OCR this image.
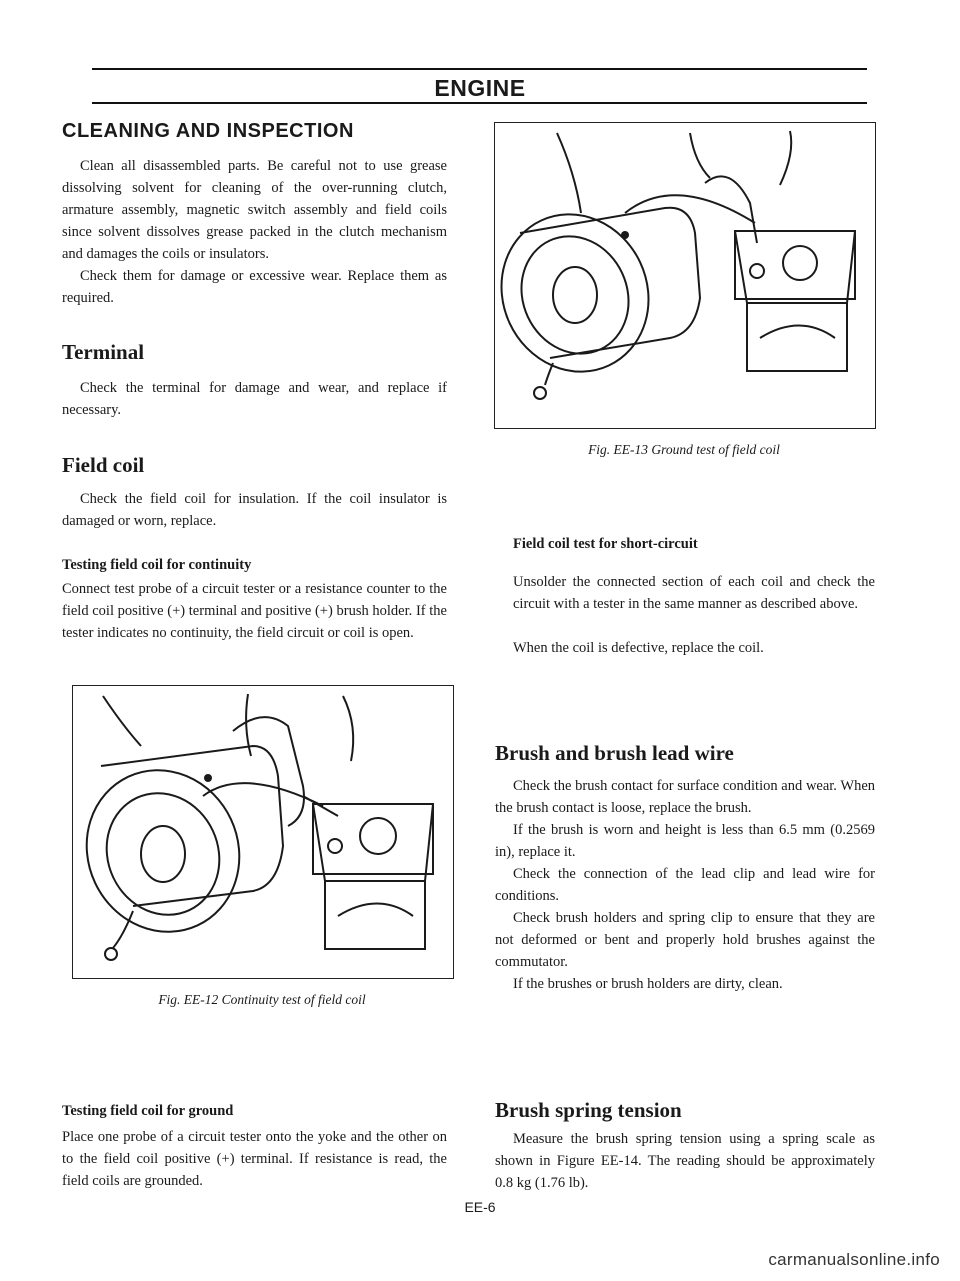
ENGINE
CLEANING AND INSPECTION
Clean all disassembled parts. Be careful not to use grease dissolving solvent for cleaning of the over-running clutch, armature assembly, magnetic switch assembly and field coils since solvent dissolves grease packed in the clutch mechanism and damages the coils or insulators.
Check them for damage or excessive wear. Replace them as required.
Terminal
Check the terminal for damage and wear, and replace if necessary.
Field coil
Check the field coil for insulation. If the coil insulator is damaged or worn, replace.
Testing field coil for continuity
Connect test probe of a circuit tester or a resistance counter to the field coil positive (+) terminal and positive (+) brush holder. If the tester indicates no continuity, the field circuit or coil is open.
Fig. EE-12 Continuity test of field coil
Testing field coil for ground
Place one probe of a circuit tester onto the yoke and the other on to the field coil positive (+) terminal. If resistance is read, the field coils are grounded.
Fig. EE-13 Ground test of field coil
Field coil test for short-circuit
Unsolder the connected section of each coil and check the circuit with a tester in the same manner as described above.
When the coil is defective, replace the coil.
Brush and brush lead wire
Check the brush contact for surface condition and wear. When the brush contact is loose, replace the brush.
If the brush is worn and height is less than 6.5 mm (0.2569 in), replace it.
Check the connection of the lead clip and lead wire for conditions.
Check brush holders and spring clip to ensure that they are not deformed or bent and properly hold brushes against the commutator.
If the brushes or brush holders are dirty, clean.
Brush spring tension
Measure the brush spring tension using a spring scale as shown in Figure EE-14. The reading should be approximately 0.8 kg (1.76 lb).
EE-6
carmanualsonline.info
